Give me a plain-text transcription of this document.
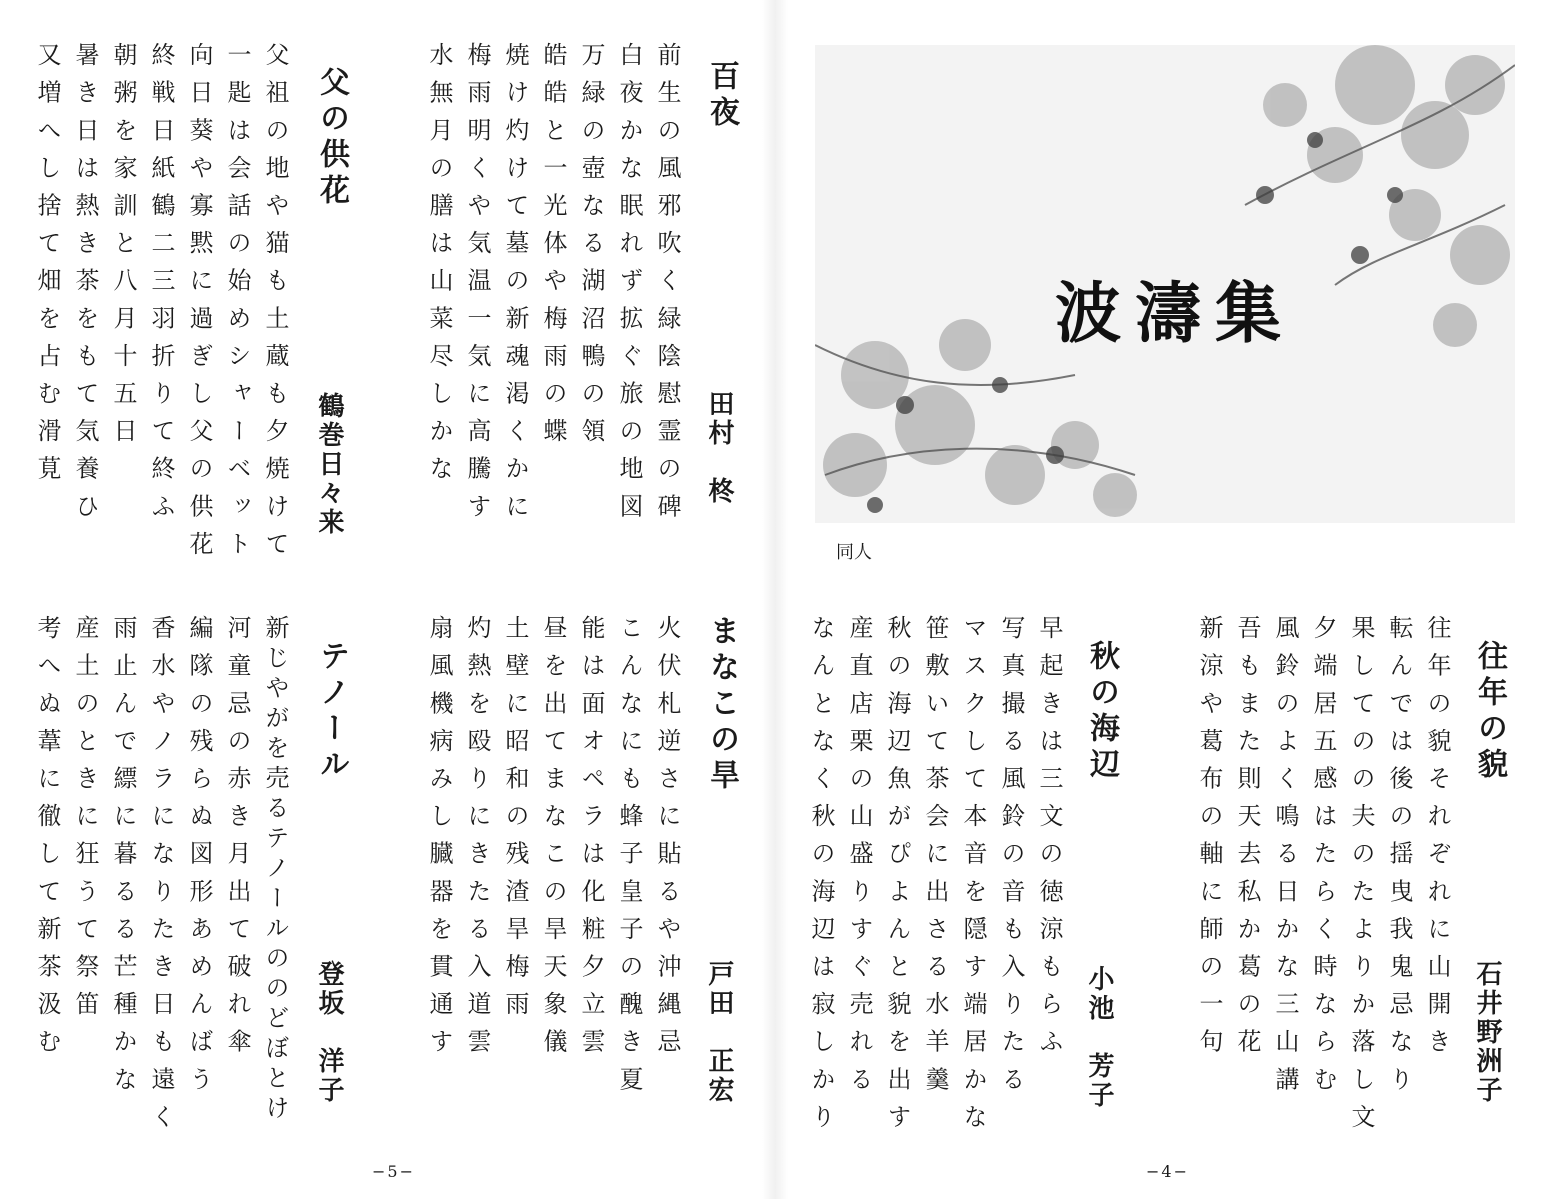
波濤集
同人
百夜
田村　柊
前生の風邪吹く緑陰慰霊の碑
白夜かな眠れず拡ぐ旅の地図
万緑の壺なる湖沼鴨の領
皓皓と一光体や梅雨の蝶
焼け灼けて墓の新魂渇くかに
梅雨明くや気温一気に高騰す
水無月の膳は山菜尽しかな
父の供花
鶴巻日々来
父祖の地や猫も土蔵も夕焼けて
一匙は会話の始めシャーベット
向日葵や寡黙に過ぎし父の供花
終戦日紙鶴二三羽折りて終ふ
朝粥を家訓と八月十五日
暑き日は熱き茶をもて気養ひ
又増へし捨て畑を占む滑莧
往年の貌
石井野洲子
往年の貌それぞれに山開き
転んでは後の揺曳我鬼忌なり
果してのの夫のたよりか落し文
夕端居五感はたらく時ならむ
風鈴のよく鳴る日かな三山講
吾もまた則天去私か葛の花
新涼や葛布の軸に師の一句
秋の海辺
小池　芳子
早起きは三文の徳涼もらふ
写真撮る風鈴の音も入りたる
マスクして本音を隠す端居かな
笹敷いて茶会に出さる水羊羹
秋の海辺魚がぴよんと貌を出す
産直店栗の山盛りすぐ売れる
なんとなく秋の海辺は寂しかり
まなこの旱
戸田　正宏
火伏札逆さに貼るや沖縄忌
こんなにも蜂子皇子の醜き夏
能は面オペラは化粧夕立雲
昼を出てまなこの旱天象儀
土壁に昭和の残渣旱梅雨
灼熱を殴りにきたる入道雲
扇風機病みし臓器を貫通す
テノール
登坂　洋子
新じやがを売るテノールののどぼとけ
河童忌の赤き月出て破れ傘
編隊の残らぬ図形あめんばう
香水やノラになりたき日も遠く
雨止んで縹に暮るる芒種かな
産土のときに狂うて祭笛
考へぬ葦に徹して新茶汲む
−5−	−4−
